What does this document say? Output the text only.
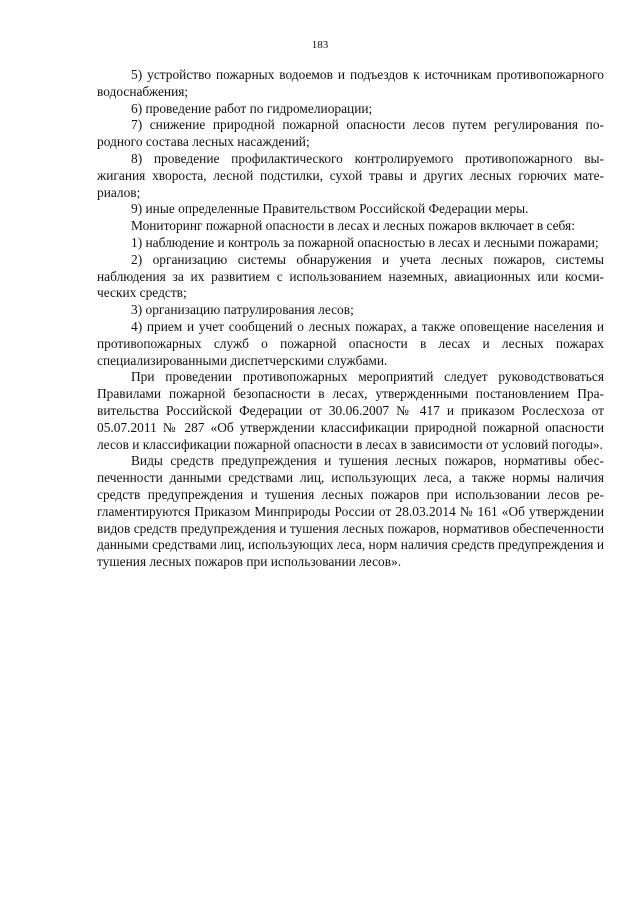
183

5) устройство пожарных водоемов и подъездов к источникам противопожарного водоснабжения;

6) проведение работ по гидромелиорации;

7) снижение природной пожарной опасности лесов путем регулирования породного состава лесных насаждений;

8) проведение профилактического контролируемого противопожарного выжигания хворостa, лесной подстилки, сухой травы и других лесных горючих материалов;

9) иные определенные Правительством Российской Федерации меры.

Мониторинг пожарной опасности в лесах и лесных пожаров включает в себя:

1) наблюдение и контроль за пожарной опасностью в лесах и лесными пожарами;

2) организацию системы обнаружения и учета лесных пожаров, системы наблюдения за их развитием с использованием наземных, авиационных или космических средств;

3) организацию патрулирования лесов;

4) прием и учет сообщений о лесных пожарах, а также оповещение населения и противопожарных служб о пожарной опасности в лесах и лесных пожарах специализированными диспетчерскими службами.

При проведении противопожарных мероприятий следует руководствоваться Правилами пожарной безопасности в лесах, утвержденными постановлением Правительства Российской Федерации от 30.06.2007 № 417 и приказом Рослесхоза от 05.07.2011 № 287 «Об утверждении классификации природной пожарной опасности лесов и классификации пожарной опасности в лесах в зависимости от условий погоды».

Виды средств предупреждения и тушения лесных пожаров, нормативы обеспеченности данными средствами лиц, использующих леса, а также нормы наличия средств предупреждения и тушения лесных пожаров при использовании лесов регламентируются Приказом Минприроды России от 28.03.2014 № 161 «Об утверждении видов средств предупреждения и тушения лесных пожаров, нормативов обеспеченности данными средствами лиц, использующих леса, норм наличия средств предупреждения и тушения лесных пожаров при использовании лесов».
